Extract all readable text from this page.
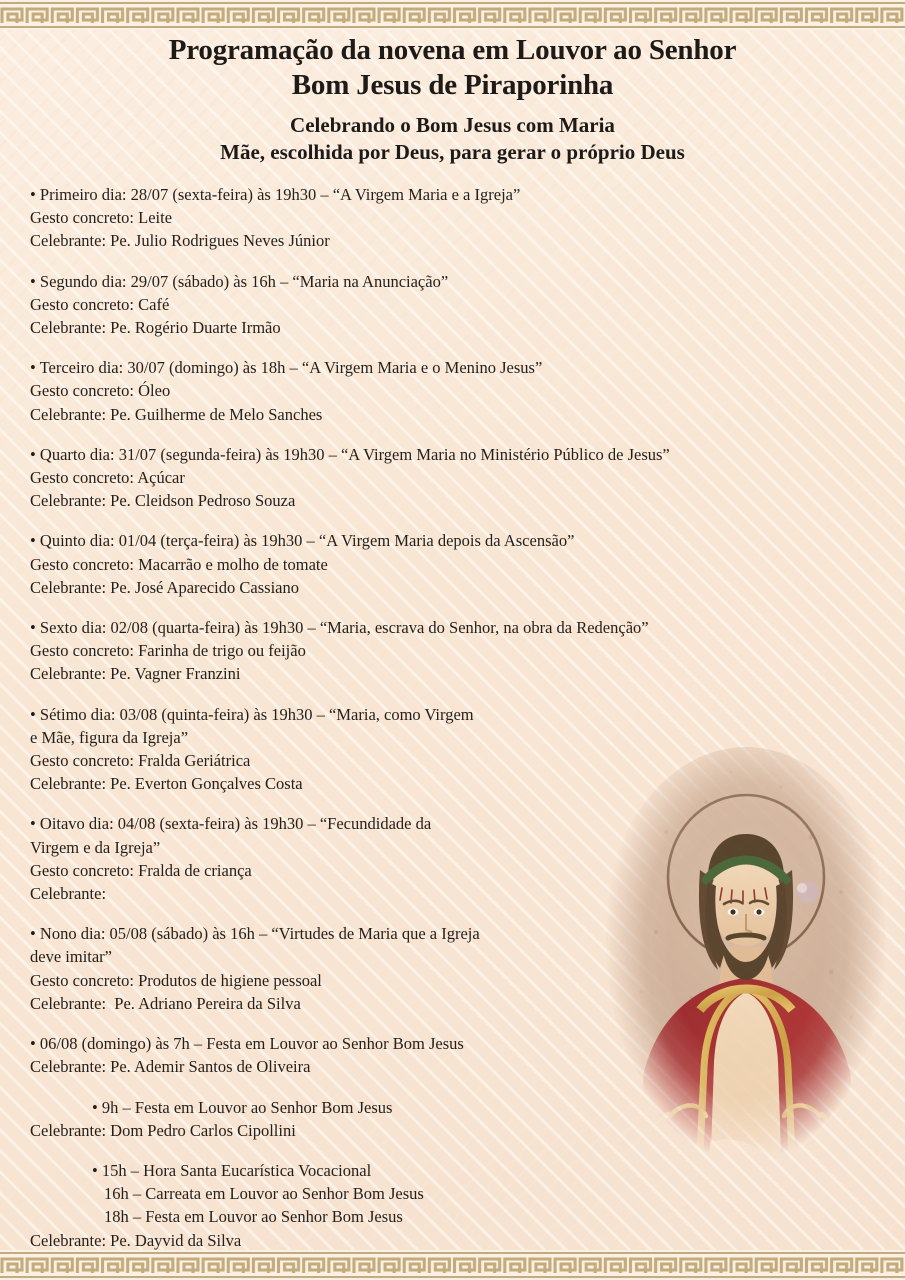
Programação da novena em Louvor ao Senhor
Bom Jesus de Piraporinha
Celebrando o Bom Jesus com Maria
Mãe, escolhida por Deus, para gerar o próprio Deus
• Primeiro dia: 28/07 (sexta-feira) às 19h30 – “A Virgem Maria e a Igreja”
Gesto concreto: Leite
Celebrante: Pe. Julio Rodrigues Neves Júnior
• Segundo dia: 29/07 (sábado) às 16h – “Maria na Anunciação”
Gesto concreto: Café
Celebrante: Pe. Rogério Duarte Irmão
• Terceiro dia: 30/07 (domingo) às 18h – “A Virgem Maria e o Menino Jesus”
Gesto concreto: Óleo
Celebrante: Pe. Guilherme de Melo Sanches
• Quarto dia: 31/07 (segunda-feira) às 19h30 – “A Virgem Maria no Ministério Público de Jesus”
Gesto concreto: Açúcar
Celebrante: Pe. Cleidson Pedroso Souza
• Quinto dia: 01/04 (terça-feira) às 19h30 – “A Virgem Maria depois da Ascensão”
Gesto concreto: Macarrão e molho de tomate
Celebrante: Pe. José Aparecido Cassiano
• Sexto dia: 02/08 (quarta-feira) às 19h30 – “Maria, escrava do Senhor, na obra da Redenção”
Gesto concreto: Farinha de trigo ou feijão
Celebrante: Pe. Vagner Franzini
• Sétimo dia: 03/08 (quinta-feira) às 19h30 – “Maria, como Virgem
e Mãe, figura da Igreja”
Gesto concreto: Fralda Geriátrica
Celebrante: Pe. Everton Gonçalves Costa
• Oitavo dia: 04/08 (sexta-feira) às 19h30 – “Fecundidade da
Virgem e da Igreja”
Gesto concreto: Fralda de criança
Celebrante:
• Nono dia: 05/08 (sábado) às 16h – “Virtudes de Maria que a Igreja
deve imitar”
Gesto concreto: Produtos de higiene pessoal
Celebrante:  Pe. Adriano Pereira da Silva
• 06/08 (domingo) às 7h – Festa em Louvor ao Senhor Bom Jesus
Celebrante: Pe. Ademir Santos de Oliveira
• 9h – Festa em Louvor ao Senhor Bom Jesus
Celebrante: Dom Pedro Carlos Cipollini
• 15h – Hora Santa Eucarística Vocacional
16h – Carreata em Louvor ao Senhor Bom Jesus
18h – Festa em Louvor ao Senhor Bom Jesus
Celebrante: Pe. Dayvid da Silva
